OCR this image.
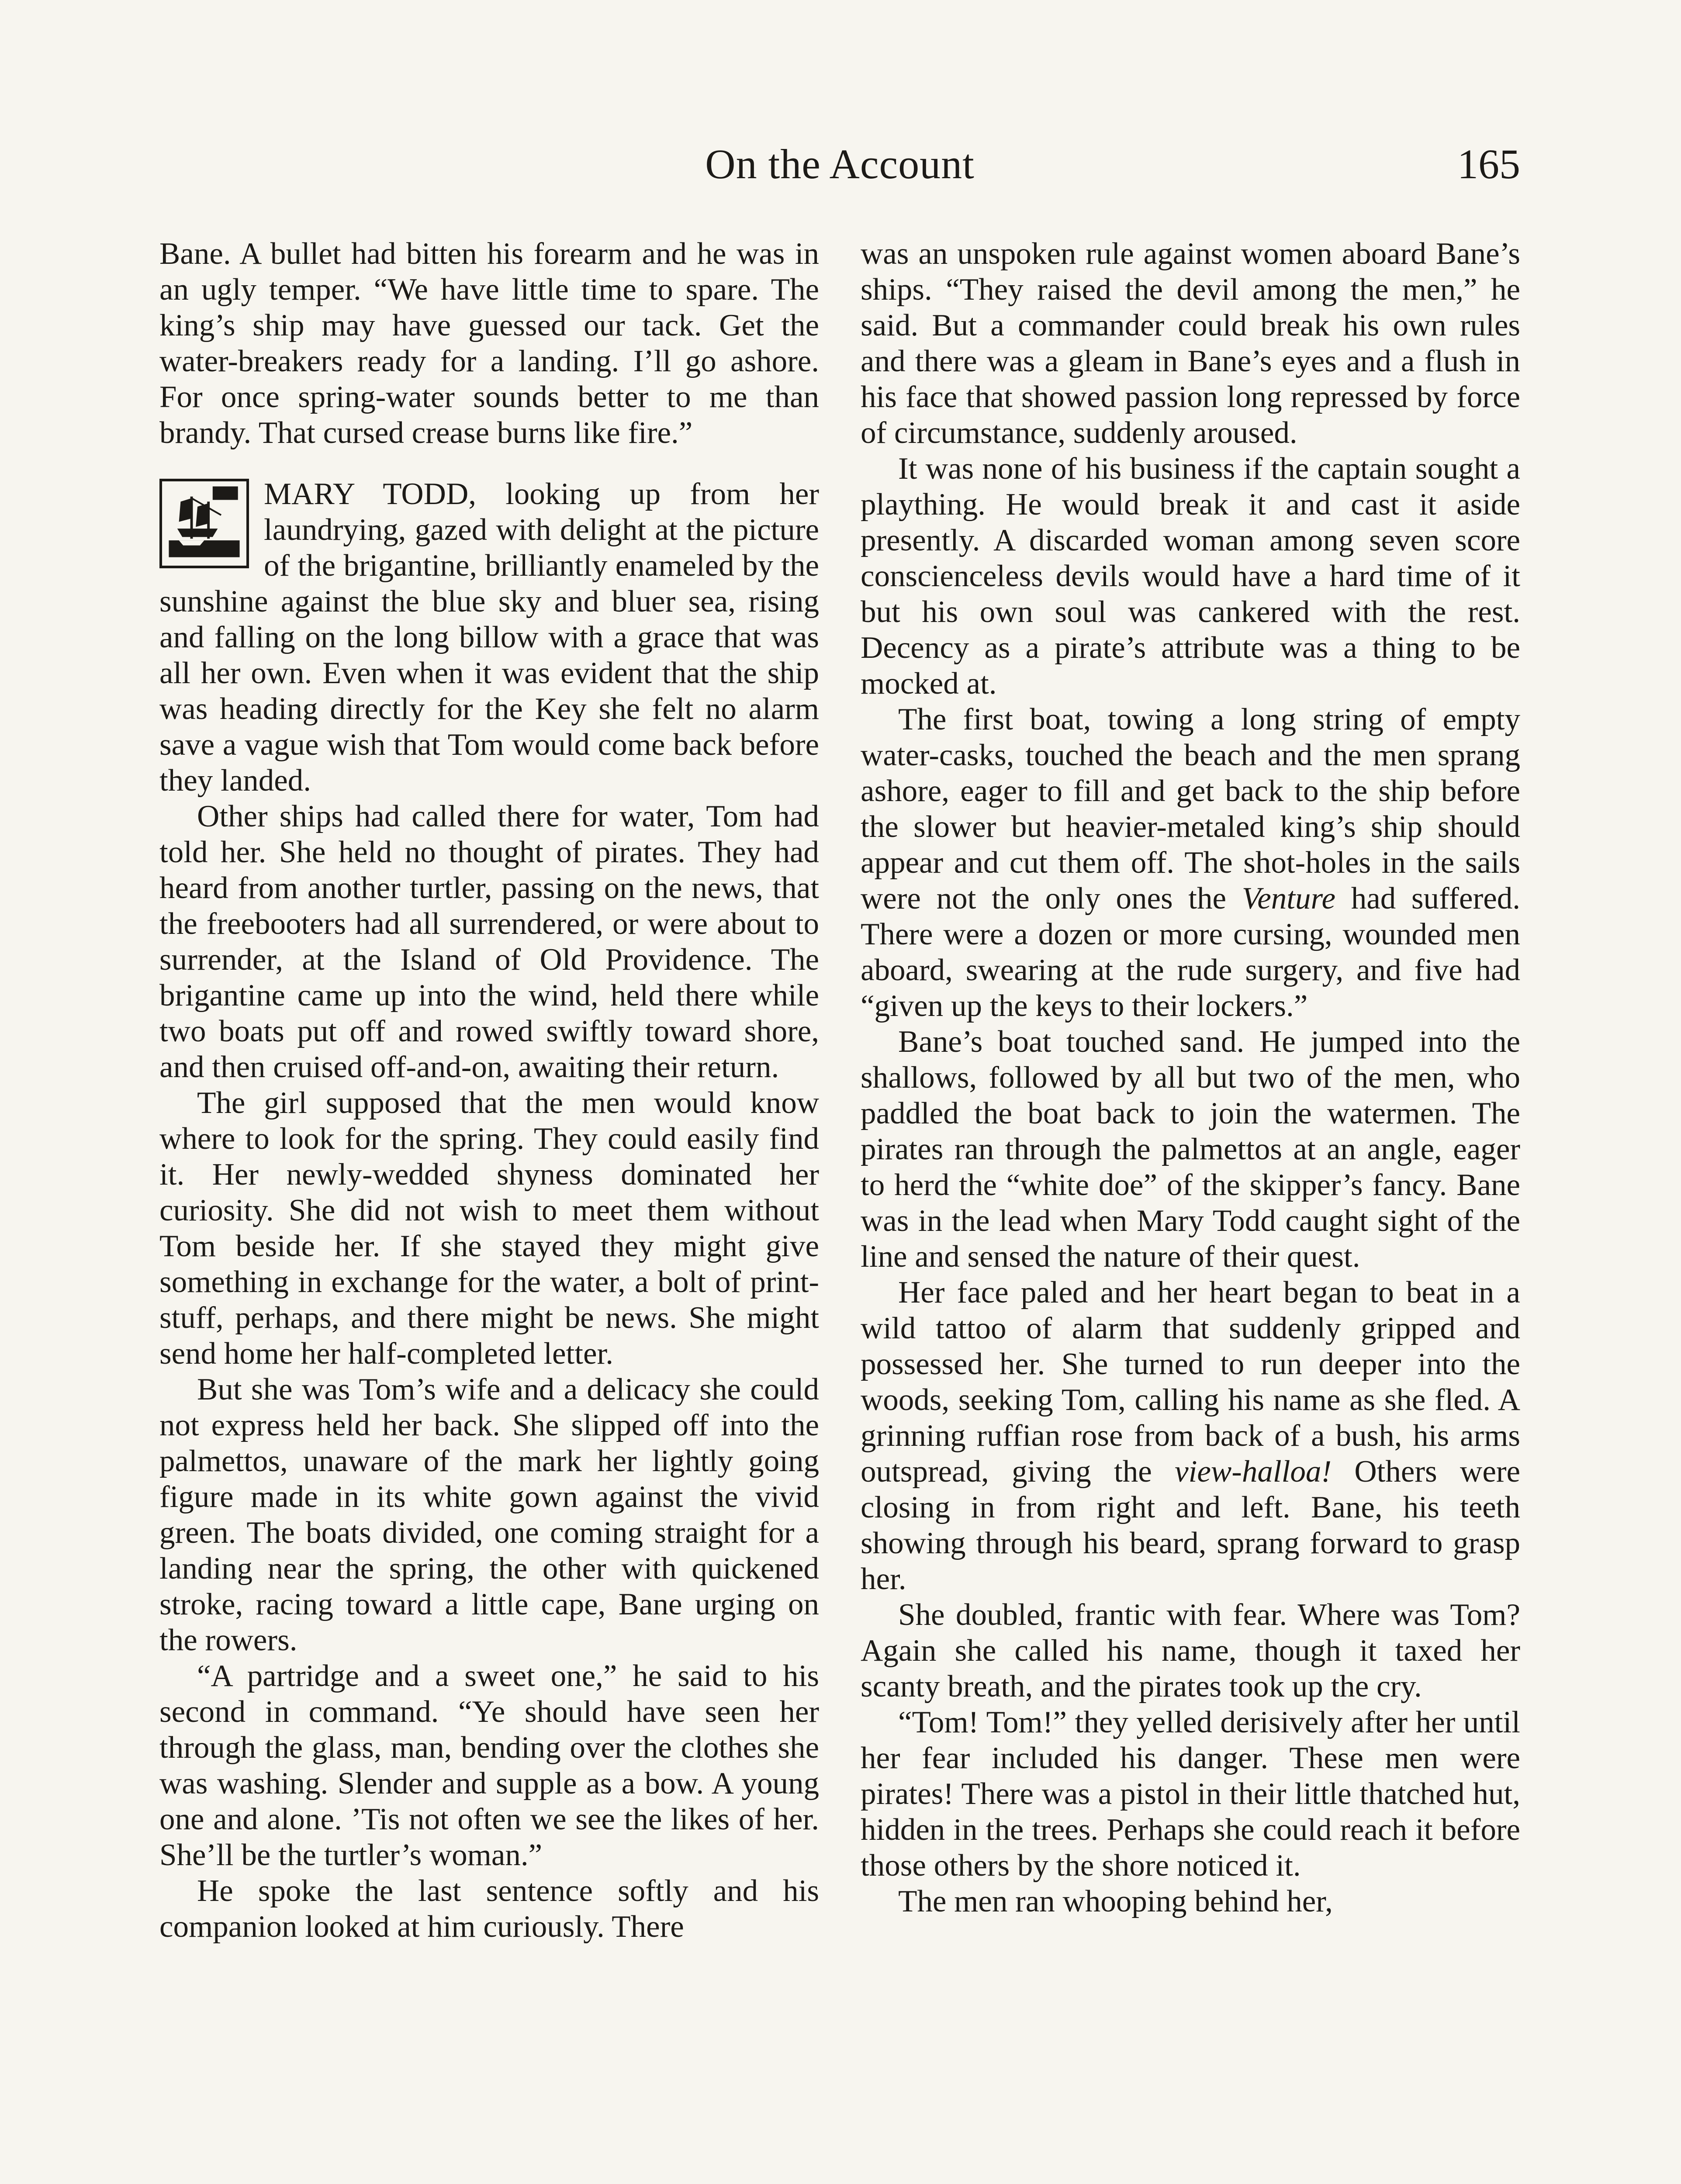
On the Account	165

Bane. A bullet had bitten his forearm and he was in an ugly temper. “We have little time to spare. The king’s ship may have guessed our tack. Get the water-breakers ready for a landing. I’ll go ashore. For once spring-water sounds better to me than brandy. That cursed crease burns like fire.”

MARY TODD, looking up from her laundrying, gazed with delight at the picture of the brigantine, brilliantly enameled by the sunshine against the blue sky and bluer sea, rising and falling on the long billow with a grace that was all her own. Even when it was evident that the ship was heading directly for the Key she felt no alarm save a vague wish that Tom would come back before they landed.

Other ships had called there for water, Tom had told her. She held no thought of pirates. They had heard from another turtler, passing on the news, that the freebooters had all surrendered, or were about to surrender, at the Island of Old Providence. The brigantine came up into the wind, held there while two boats put off and rowed swiftly toward shore, and then cruised off-and-on, awaiting their return.

The girl supposed that the men would know where to look for the spring. They could easily find it. Her newly-wedded shyness dominated her curiosity. She did not wish to meet them without Tom beside her. If she stayed they might give something in exchange for the water, a bolt of print-stuff, perhaps, and there might be news. She might send home her half-completed letter.

But she was Tom’s wife and a delicacy she could not express held her back. She slipped off into the palmettos, unaware of the mark her lightly going figure made in its white gown against the vivid green. The boats divided, one coming straight for a landing near the spring, the other with quickened stroke, racing toward a little cape, Bane urging on the rowers.

“A partridge and a sweet one,” he said to his second in command. “Ye should have seen her through the glass, man, bending over the clothes she was washing. Slender and supple as a bow. A young one and alone. ’Tis not often we see the likes of her. She’ll be the turtler’s woman.”

He spoke the last sentence softly and his companion looked at him curiously. There

was an unspoken rule against women aboard Bane’s ships. “They raised the devil among the men,” he said. But a commander could break his own rules and there was a gleam in Bane’s eyes and a flush in his face that showed passion long repressed by force of circumstance, suddenly aroused.

It was none of his business if the captain sought a plaything. He would break it and cast it aside presently. A discarded woman among seven score conscienceless devils would have a hard time of it but his own soul was cankered with the rest. Decency as a pirate’s attribute was a thing to be mocked at.

The first boat, towing a long string of empty water-casks, touched the beach and the men sprang ashore, eager to fill and get back to the ship before the slower but heavier-metaled king’s ship should appear and cut them off. The shot-holes in the sails were not the only ones the Venture had suffered. There were a dozen or more cursing, wounded men aboard, swearing at the rude surgery, and five had “given up the keys to their lockers.”

Bane’s boat touched sand. He jumped into the shallows, followed by all but two of the men, who paddled the boat back to join the watermen. The pirates ran through the palmettos at an angle, eager to herd the “white doe” of the skipper’s fancy. Bane was in the lead when Mary Todd caught sight of the line and sensed the nature of their quest.

Her face paled and her heart began to beat in a wild tattoo of alarm that suddenly gripped and possessed her. She turned to run deeper into the woods, seeking Tom, calling his name as she fled. A grinning ruffian rose from back of a bush, his arms outspread, giving the view-halloa! Others were closing in from right and left. Bane, his teeth showing through his beard, sprang forward to grasp her.

She doubled, frantic with fear. Where was Tom? Again she called his name, though it taxed her scanty breath, and the pirates took up the cry.

“Tom! Tom!” they yelled derisively after her until her fear included his danger. These men were pirates! There was a pistol in their little thatched hut, hidden in the trees. Perhaps she could reach it before those others by the shore noticed it.

The men ran whooping behind her,
